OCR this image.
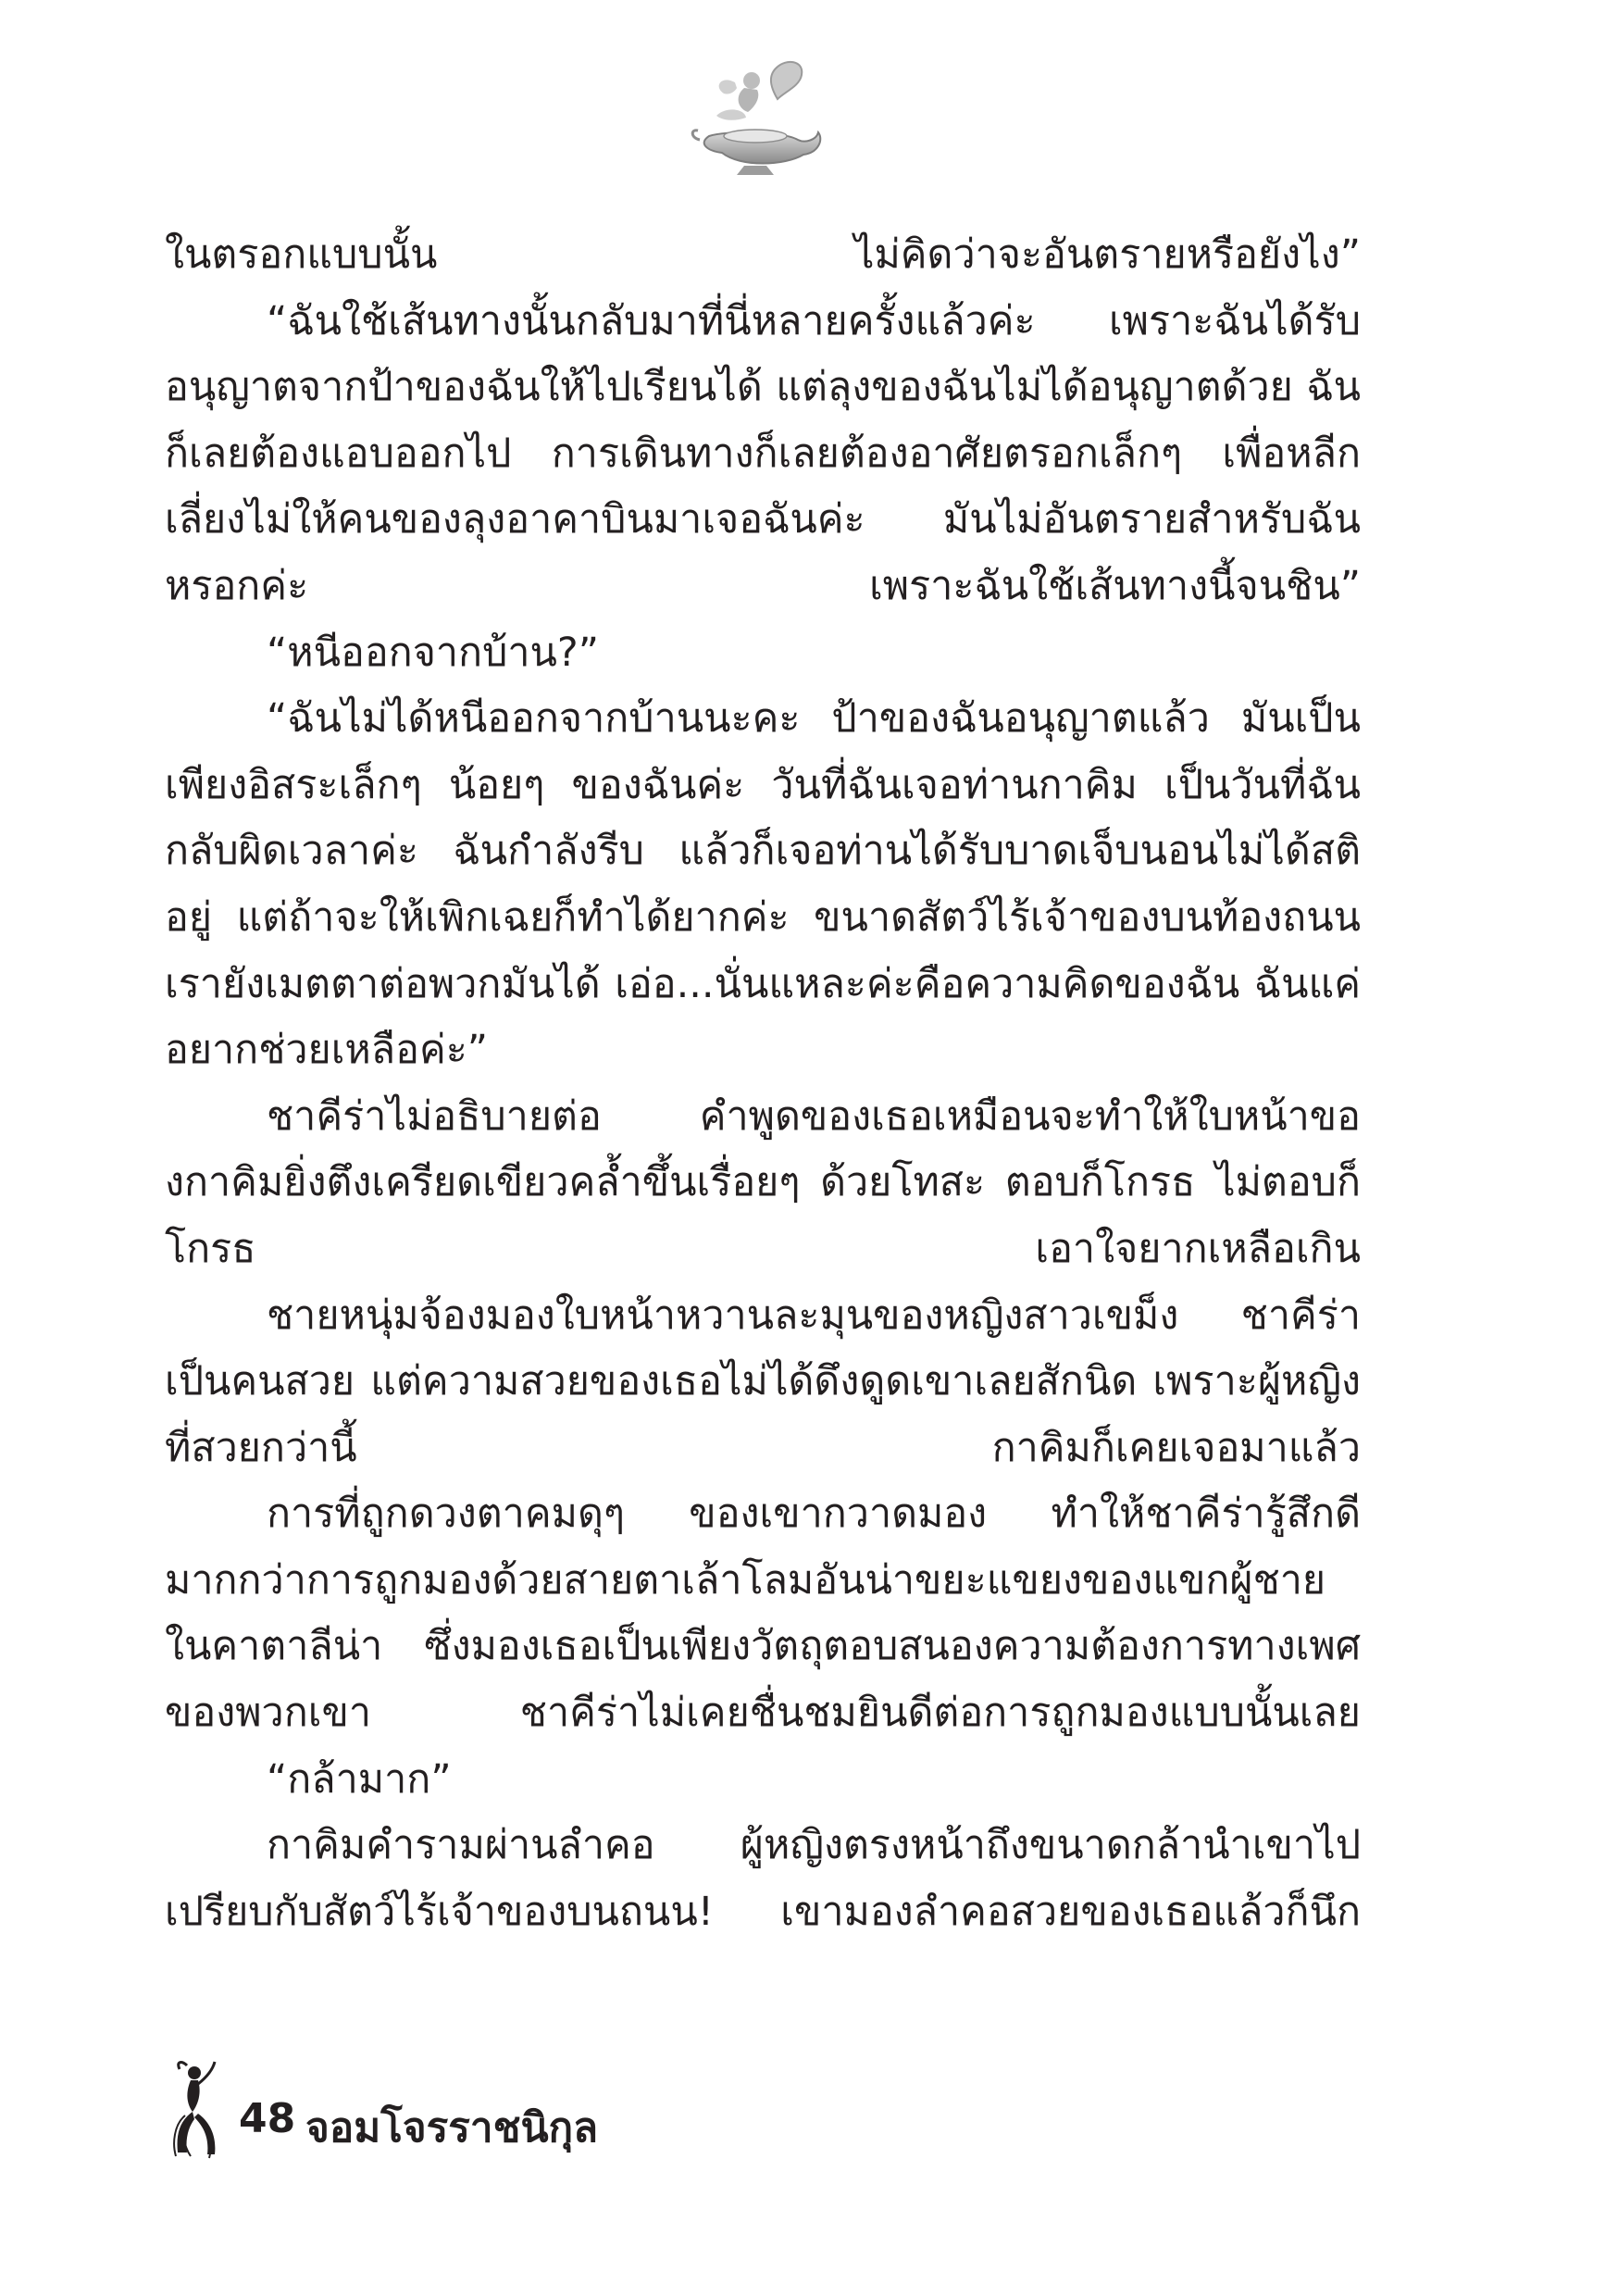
ในตรอกแบบนั้น ไม่คิดว่าจะอันตรายหรือยังไง”

“ฉันใช้เส้นทางนั้นกลับมาที่นี่หลายครั้งแล้วค่ะ เพราะฉันได้รับอนุญาตจากป้าของฉันให้ไปเรียนได้ แต่ลุงของฉันไม่ได้อนุญาตด้วย ฉันก็เลยต้องแอบออกไป การเดินทางก็เลยต้องอาศัยตรอกเล็กๆ เพื่อหลีกเลี่ยงไม่ให้คนของลุงอาคาบินมาเจอฉันค่ะ มันไม่อันตรายสำหรับฉันหรอกค่ะ เพราะฉันใช้เส้นทางนี้จนชิน”

“หนีออกจากบ้าน?”

“ฉันไม่ได้หนีออกจากบ้านนะคะ ป้าของฉันอนุญาตแล้ว มันเป็นเพียงอิสระเล็กๆ น้อยๆ ของฉันค่ะ วันที่ฉันเจอท่านกาคิม เป็นวันที่ฉันกลับผิดเวลาค่ะ ฉันกำลังรีบ แล้วก็เจอท่านได้รับบาดเจ็บนอนไม่ได้สติอยู่ แต่ถ้าจะให้เพิกเฉยก็ทำได้ยากค่ะ ขนาดสัตว์ไร้เจ้าของบนท้องถนนเรายังเมตตาต่อพวกมันได้ เอ่อ...นั่นแหละค่ะคือความคิดของฉัน ฉันแค่อยากช่วยเหลือค่ะ”

ชาคีร่าไม่อธิบายต่อ คำพูดของเธอเหมือนจะทำให้ใบหน้าของกาคิมยิ่งตึงเครียดเขียวคล้ำขึ้นเรื่อยๆ ด้วยโทสะ ตอบก็โกรธ ไม่ตอบก็โกรธ เอาใจยากเหลือเกิน

ชายหนุ่มจ้องมองใบหน้าหวานละมุนของหญิงสาวเขม็ง ชาคีร่าเป็นคนสวย แต่ความสวยของเธอไม่ได้ดึงดูดเขาเลยสักนิด เพราะผู้หญิงที่สวยกว่านี้ กาคิมก็เคยเจอมาแล้ว

การที่ถูกดวงตาคมดุๆ ของเขากวาดมอง ทำให้ชาคีร่ารู้สึกดีมากกว่าการถูกมองด้วยสายตาเล้าโลมอันน่าขยะแขยงของแขกผู้ชายในคาตาลีน่า ซึ่งมองเธอเป็นเพียงวัตถุตอบสนองความต้องการทางเพศของพวกเขา ชาคีร่าไม่เคยชื่นชมยินดีต่อการถูกมองแบบนั้นเลย

“กล้ามาก”

กาคิมคำรามผ่านลำคอ ผู้หญิงตรงหน้าถึงขนาดกล้านำเขาไปเปรียบกับสัตว์ไร้เจ้าของบนถนน! เขามองลำคอสวยของเธอแล้วก็นึก

48 จอมโจรราชนิกุล
